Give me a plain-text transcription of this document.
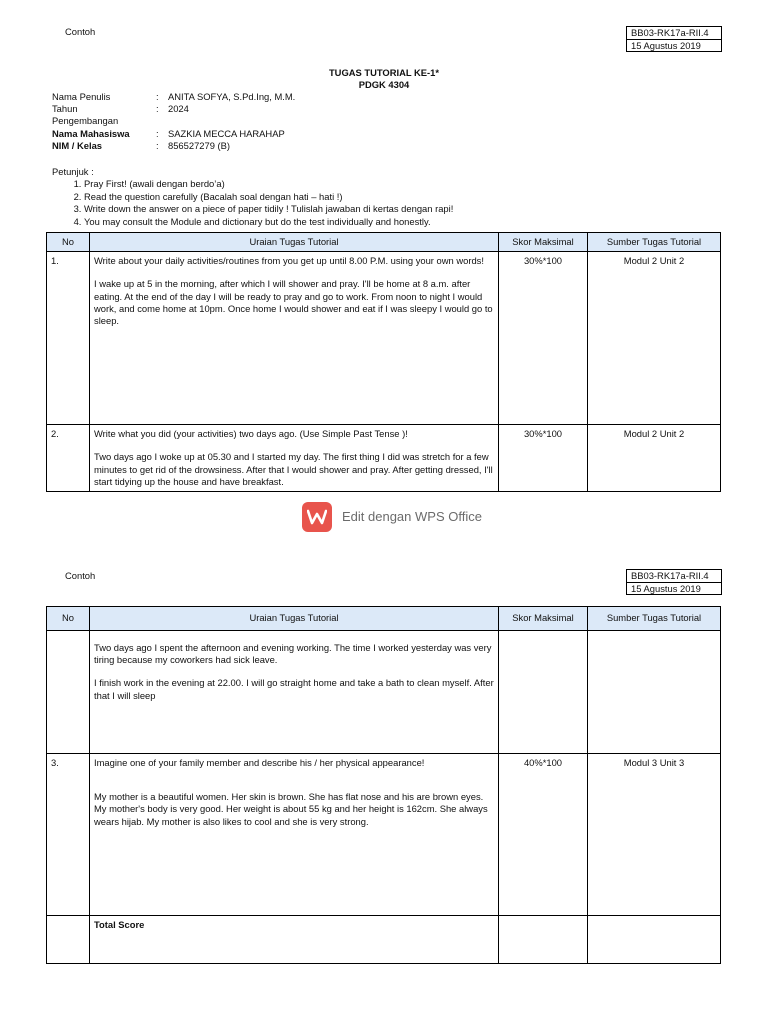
Contoh	BB03-RK17a-RII.4
15 Agustus 2019
TUGAS TUTORIAL KE-1*
PDGK 4304
Nama Penulis	: ANITA SOFYA, S.Pd.Ing, M.M.
Tahun	: 2024
Pengembangan
Nama Mahasiswa	: SAZKIA MECCA HARAHAP
NIM / Kelas	: 856527279 (B)
Petunjuk :
1. Pray First! (awali dengan berdo’a)
2. Read the question carefully (Bacalah soal dengan hati – hati !)
3. Write down the answer on a piece of paper tidily ! Tulislah jawaban di kertas dengan rapi!
4. You may consult the Module and dictionary but do the test individually and honestly.
No	Uraian Tugas Tutorial	Skor Maksimal	Sumber Tugas Tutorial
1.	Write about your daily activities/routines from you get up until 8.00 P.M. using your own words!

I wake up at 5 in the morning, after which I will shower and pray. I'll be home at 8 a.m. after eating. At the end of the day I will be ready to pray and go to work. From noon to night I would work, and come home at 10pm. Once home I would shower and eat if I was sleepy I would go to sleep.	30%*100	Modul 2 Unit 2
2.	Write what you did (your activities) two days ago. (Use Simple Past Tense )!

Two days ago I woke up at 05.30 and I started my day. The first thing I did was stretch for a few minutes to get rid of the drowsiness. After that I would shower and pray. After getting dressed, I'll start tidying up the house and have breakfast.	30%*100	Modul 2 Unit 2
Edit dengan WPS Office
Contoh	BB03-RK17a-RII.4
15 Agustus 2019
No	Uraian Tugas Tutorial	Skor Maksimal	Sumber Tugas Tutorial

	Two days ago I spent the afternoon and evening working. The time I worked yesterday was very tiring because my coworkers had sick leave.

I finish work in the evening at 22.00. I will go straight home and take a bath to clean myself. After that I will sleep		

3.	Imagine one of your family member and describe his / her physical appearance!

My mother is a beautiful women. Her skin is brown. She has flat nose and his are brown eyes. My mother's body is very good. Her weight is about 55 kg and her height is 162cm. She always wears hijab. My mother is also likes to cool and she is very strong.	40%*100	Modul 3 Unit 3
	Total Score		
